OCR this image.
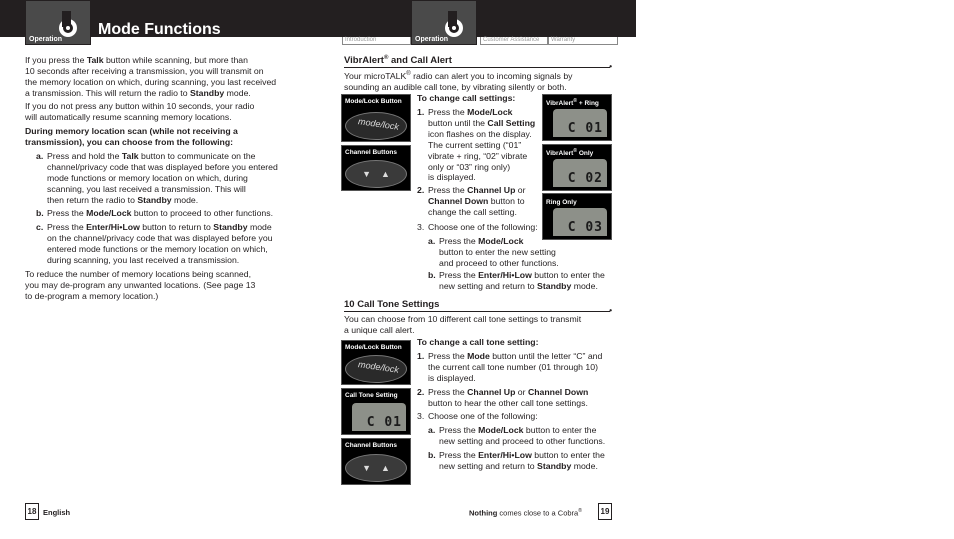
Operation
Mode Functions
Operation
Introduction	Customer Assistance	Warranty

If you press the Talk button while scanning, but more than
10 seconds after receiving a transmission, you will transmit on
the memory location on which, during scanning, you last received
a transmission. This will return the radio to Standby mode.

If you do not press any button within 10 seconds, your radio
will automatically resume scanning memory locations.

During memory location scan (while not receiving a
transmission), you can choose from the following:

a. Press and hold the Talk button to communicate on the
channel/privacy code that was displayed before you entered
mode functions or memory location on which, during
scanning, you last received a transmission. This will
then return the radio to Standby mode.

b. Press the Mode/Lock button to proceed to other functions.

c. Press the Enter/Hi•Low button to return to Standby mode
on the channel/privacy code that was displayed before you
entered mode functions or the memory location on which,
during scanning, you last received a transmission.

To reduce the number of memory locations being scanned,
you may de-program any unwanted locations. (See page 13
to de-program a memory location.)

18 English
VibrAlert® and Call Alert
•

Your microTALK® radio can alert you to incoming signals by
sounding an audible call tone, by vibrating silently or both.

Mode/Lock Button
mode/lock
Channel Buttons
▼ ▲

To change call settings:

1. Press the Mode/Lock
button until the Call Setting
icon flashes on the display.
The current setting (“01”
vibrate + ring, “02” vibrate
only or “03” ring only)
is displayed.

2. Press the Channel Up or
Channel Down button to
change the call setting.

3. Choose one of the following:

a. Press the Mode/Lock
button to enter the new setting
and proceed to other functions.

b. Press the Enter/Hi•Low button to enter the
new setting and return to Standby mode.

VibrAlert® + Ring
C 01
VibrAlert® Only
C 02
Ring Only
C 03
10 Call Tone Settings
•

You can choose from 10 different call tone settings to transmit
a unique call alert.

Mode/Lock Button
mode/lock
Call Tone Setting
C 01
Channel Buttons
▼ ▲

To change a call tone setting:

1. Press the Mode button until the letter “C” and
the current call tone number (01 through 10)
is displayed.

2. Press the Channel Up or Channel Down
button to hear the other call tone settings.

3. Choose one of the following:

a. Press the Mode/Lock button to enter the
new setting and proceed to other functions.

b. Press the Enter/Hi•Low button to enter the
new setting and return to Standby mode.

Nothing comes close to a Cobra®	19
